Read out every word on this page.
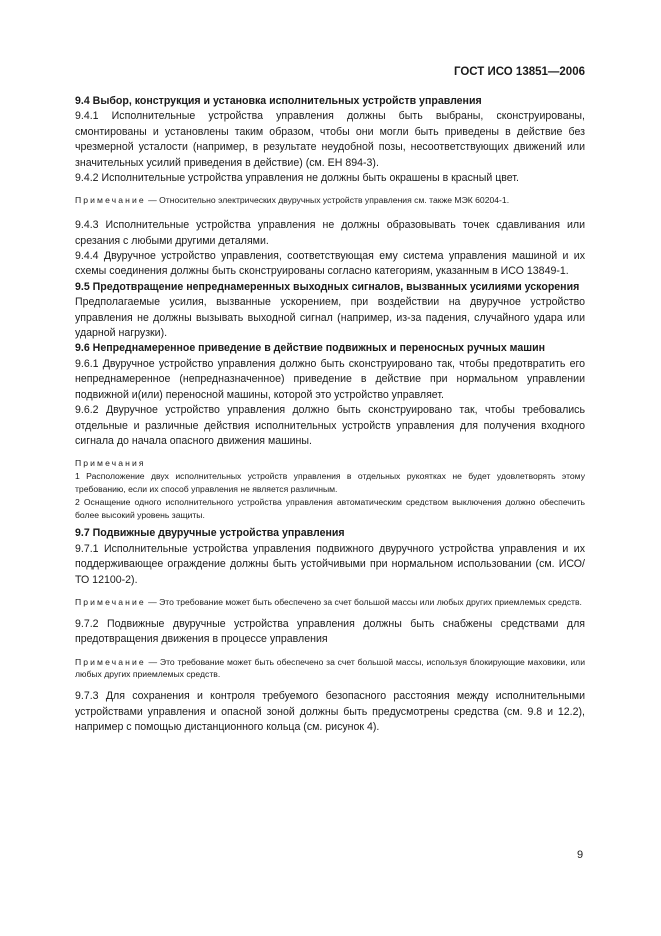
ГОСТ ИСО 13851—2006

9.4 Выбор, конструкция и установка исполнительных устройств управления

9.4.1 Исполнительные устройства управления должны быть выбраны, сконструированы, смонтированы и установлены таким образом, чтобы они могли быть приведены в действие без чрезмерной усталости (например, в результате неудобной позы, несоответствующих движений или значительных усилий приведения в действие) (см. ЕН 894-3).

9.4.2 Исполнительные устройства управления не должны быть окрашены в красный цвет.

Примечание — Относительно электрических двуручных устройств управления см. также МЭК 60204-1.

9.4.3 Исполнительные устройства управления не должны образовывать точек сдавливания или срезания с любыми другими деталями.

9.4.4 Двуручное устройство управления, соответствующая ему система управления машиной и их схемы соединения должны быть сконструированы согласно категориям, указанным в ИСО 13849-1.

9.5 Предотвращение непреднамеренных выходных сигналов, вызванных усилиями ускорения

Предполагаемые усилия, вызванные ускорением, при воздействии на двуручное устройство управления не должны вызывать выходной сигнал (например, из-за падения, случайного удара или ударной нагрузки).

9.6 Непреднамеренное приведение в действие подвижных и переносных ручных машин

9.6.1 Двуручное устройство управления должно быть сконструировано так, чтобы предотвратить его непреднамеренное (непредназначенное) приведение в действие при нормальном управлении подвижной и(или) переносной машины, которой это устройство управляет.

9.6.2 Двуручное устройство управления должно быть сконструировано так, чтобы требовались отдельные и различные действия исполнительных устройств управления для получения входного сигнала до начала опасного движения машины.

Примечания

1 Расположение двух исполнительных устройств управления в отдельных рукоятках не будет удовлетворять этому требованию, если их способ управления не является различным.

2 Оснащение одного исполнительного устройства управления автоматическим средством выключения должно обеспечить более высокий уровень защиты.

9.7 Подвижные двуручные устройства управления

9.7.1 Исполнительные устройства управления подвижного двуручного устройства управления и их поддерживающее ограждение должны быть устойчивыми при нормальном использовании (см. ИСО/ТО 12100-2).

Примечание — Это требование может быть обеспечено за счет большой массы или любых других приемлемых средств.

9.7.2 Подвижные двуручные устройства управления должны быть снабжены средствами для предотвращения движения в процессе управления

Примечание — Это требование может быть обеспечено за счет большой массы, используя блокирующие маховики, или любых других приемлемых средств.

9.7.3 Для сохранения и контроля требуемого безопасного расстояния между исполнительными устройствами управления и опасной зоной должны быть предусмотрены средства (см. 9.8 и 12.2), например с помощью дистанционного кольца (см. рисунок 4).

9
